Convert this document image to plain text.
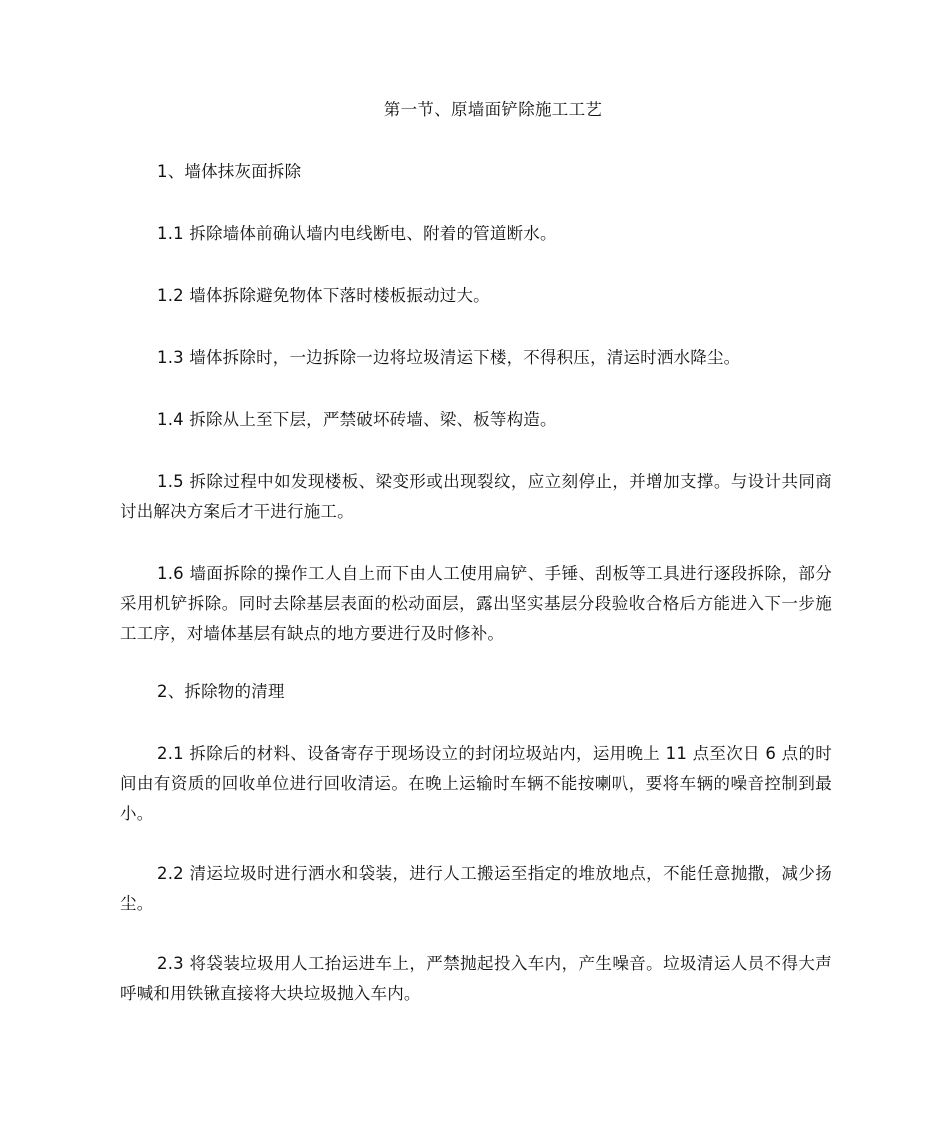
第一节、原墙面铲除施工工艺
1、墙体抹灰面拆除
1.1 拆除墙体前确认墙内电线断电、附着的管道断水。
1.2 墙体拆除避免物体下落时楼板振动过大。
1.3 墙体拆除时，一边拆除一边将垃圾清运下楼，不得积压，清运时洒水降尘。
1.4 拆除从上至下层，严禁破坏砖墙、梁、板等构造。
1.5 拆除过程中如发现楼板、梁变形或出现裂纹，应立刻停止，并增加支撑。与设计共同商讨出解决方案后才干进行施工。
1.6 墙面拆除的操作工人自上而下由人工使用扁铲、手锤、刮板等工具进行逐段拆除，部分采用机铲拆除。同时去除基层表面的松动面层，露出坚实基层分段验收合格后方能进入下一步施工工序，对墙体基层有缺点的地方要进行及时修补。
2、拆除物的清理
2.1 拆除后的材料、设备寄存于现场设立的封闭垃圾站内，运用晚上 11 点至次日 6 点的时间由有资质的回收单位进行回收清运。在晚上运输时车辆不能按喇叭，要将车辆的噪音控制到最小。
2.2 清运垃圾时进行洒水和袋装，进行人工搬运至指定的堆放地点，不能任意抛撒，减少扬尘。
2.3 将袋装垃圾用人工抬运进车上，严禁抛起投入车内，产生噪音。垃圾清运人员不得大声呼喊和用铁锹直接将大块垃圾抛入车内。
